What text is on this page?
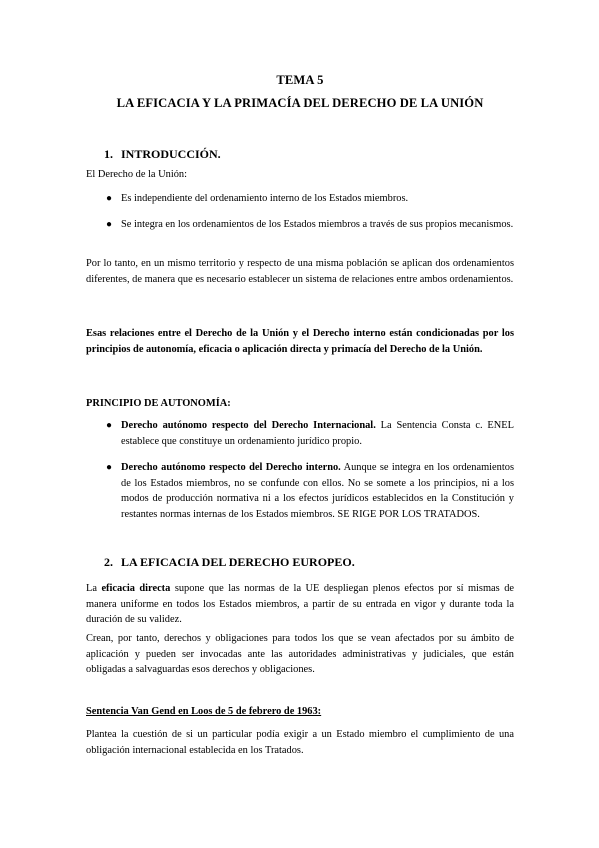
TEMA 5
LA EFICACIA Y LA PRIMACÍA DEL DERECHO DE LA UNIÓN
1. INTRODUCCIÓN.
El Derecho de la Unión:
● Es independiente del ordenamiento interno de los Estados miembros.
● Se integra en los ordenamientos de los Estados miembros a través de sus propios mecanismos.
Por lo tanto, en un mismo territorio y respecto de una misma población se aplican dos ordenamientos diferentes, de manera que es necesario establecer un sistema de relaciones entre ambos ordenamientos.
Esas relaciones entre el Derecho de la Unión y el Derecho interno están condicionadas por los principios de autonomía, eficacia o aplicación directa y primacía del Derecho de la Unión.
PRINCIPIO DE AUTONOMÍA:
● Derecho autónomo respecto del Derecho Internacional. La Sentencia Consta c. ENEL establece que constituye un ordenamiento jurídico propio.
● Derecho autónomo respecto del Derecho interno. Aunque se integra en los ordenamientos de los Estados miembros, no se confunde con ellos. No se somete a los principios, ni a los modos de producción normativa ni a los efectos jurídicos establecidos en la Constitución y restantes normas internas de los Estados miembros. SE RIGE POR LOS TRATADOS.
2. LA EFICACIA DEL DERECHO EUROPEO.
La eficacia directa supone que las normas de la UE despliegan plenos efectos por sí mismas de manera uniforme en todos los Estados miembros, a partir de su entrada en vigor y durante toda la duración de su validez.
Crean, por tanto, derechos y obligaciones para todos los que se vean afectados por su ámbito de aplicación y pueden ser invocadas ante las autoridades administrativas y judiciales, que están obligadas a salvaguardas esos derechos y obligaciones.
Sentencia Van Gend en Loos de 5 de febrero de 1963:
Plantea la cuestión de si un particular podía exigir a un Estado miembro el cumplimiento de una obligación internacional establecida en los Tratados.
